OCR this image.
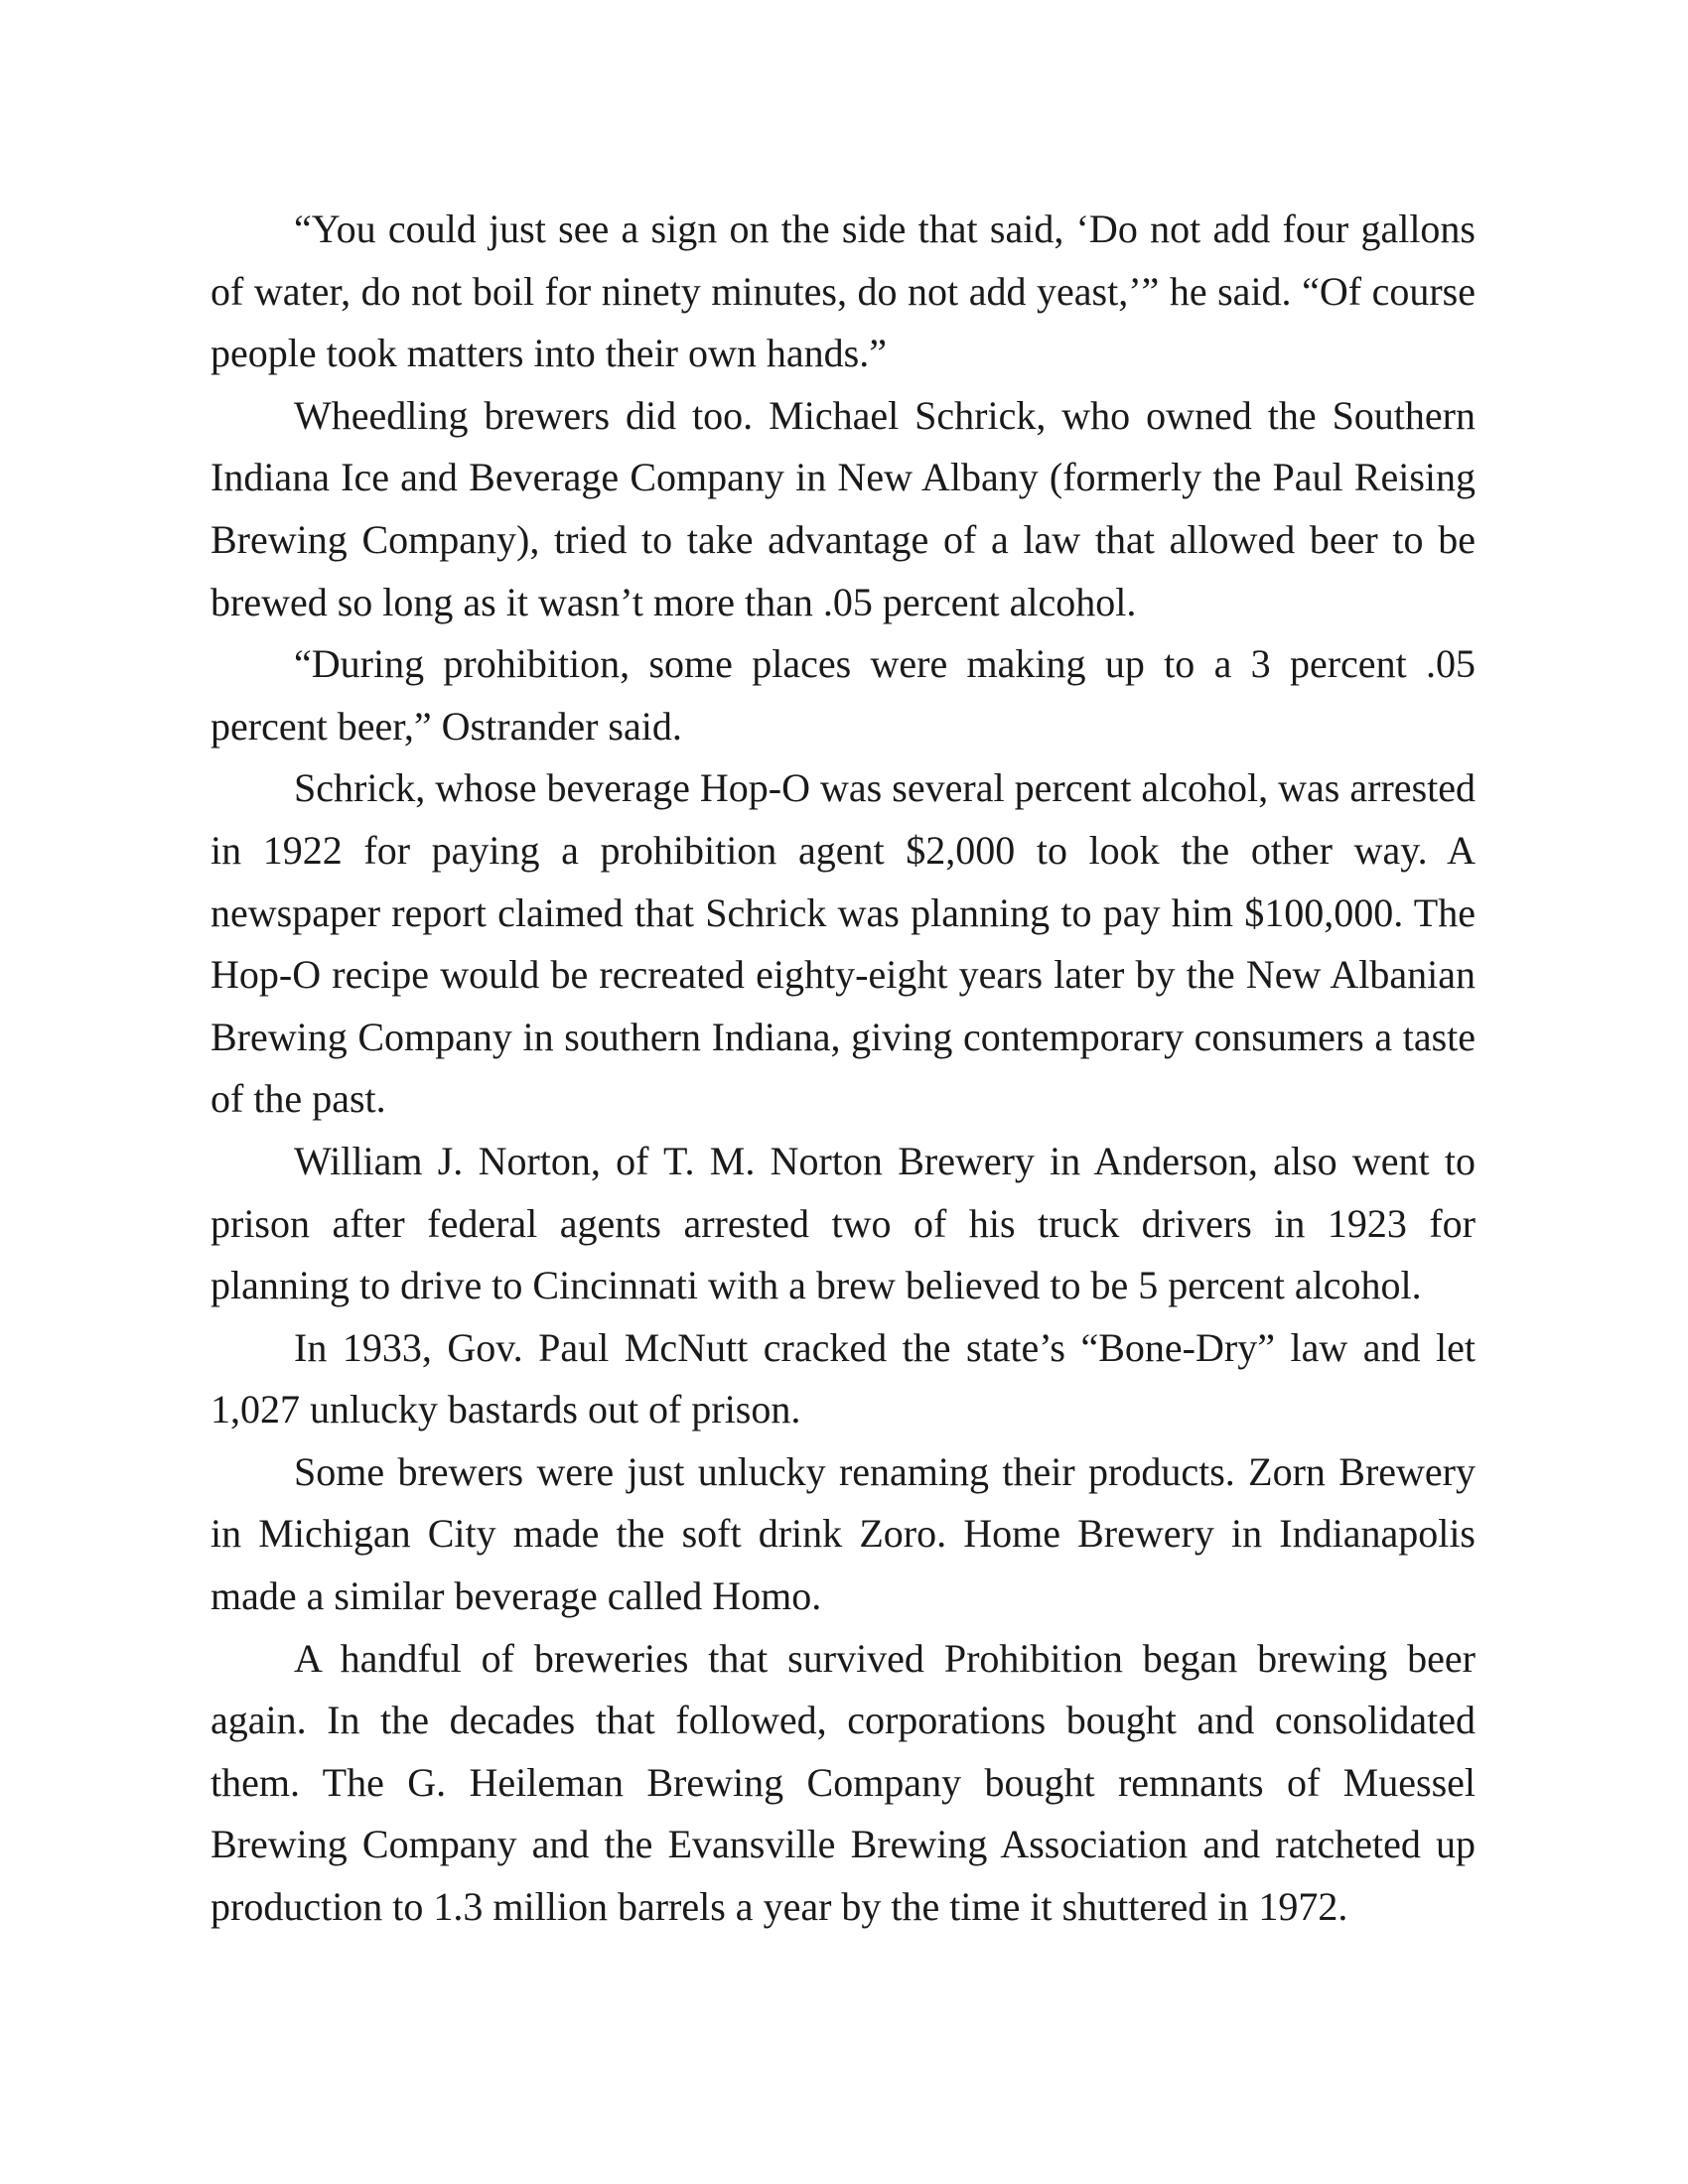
“You could just see a sign on the side that said, ‘Do not add four gallons of water, do not boil for ninety minutes, do not add yeast,’” he said. “Of course people took matters into their own hands.”

Wheedling brewers did too. Michael Schrick, who owned the Southern Indiana Ice and Beverage Company in New Albany (formerly the Paul Reising Brewing Company), tried to take advantage of a law that allowed beer to be brewed so long as it wasn’t more than .05 percent alcohol.

“During prohibition, some places were making up to a 3 percent .05 percent beer,” Ostrander said.

Schrick, whose beverage Hop-O was several percent alcohol, was arrested in 1922 for paying a prohibition agent $2,000 to look the other way. A newspaper report claimed that Schrick was planning to pay him $100,000. The Hop-O recipe would be recreated eighty-eight years later by the New Albanian Brewing Company in southern Indiana, giving contemporary consumers a taste of the past.

William J. Norton, of T. M. Norton Brewery in Anderson, also went to prison after federal agents arrested two of his truck drivers in 1923 for planning to drive to Cincinnati with a brew believed to be 5 percent alcohol.

In 1933, Gov. Paul McNutt cracked the state’s “Bone-Dry” law and let 1,027 unlucky bastards out of prison.

Some brewers were just unlucky renaming their products. Zorn Brewery in Michigan City made the soft drink Zoro. Home Brewery in Indianapolis made a similar beverage called Homo.

A handful of breweries that survived Prohibition began brewing beer again. In the decades that followed, corporations bought and consolidated them. The G. Heileman Brewing Company bought remnants of Muessel Brewing Company and the Evansville Brewing Association and ratcheted up production to 1.3 million barrels a year by the time it shuttered in 1972.
